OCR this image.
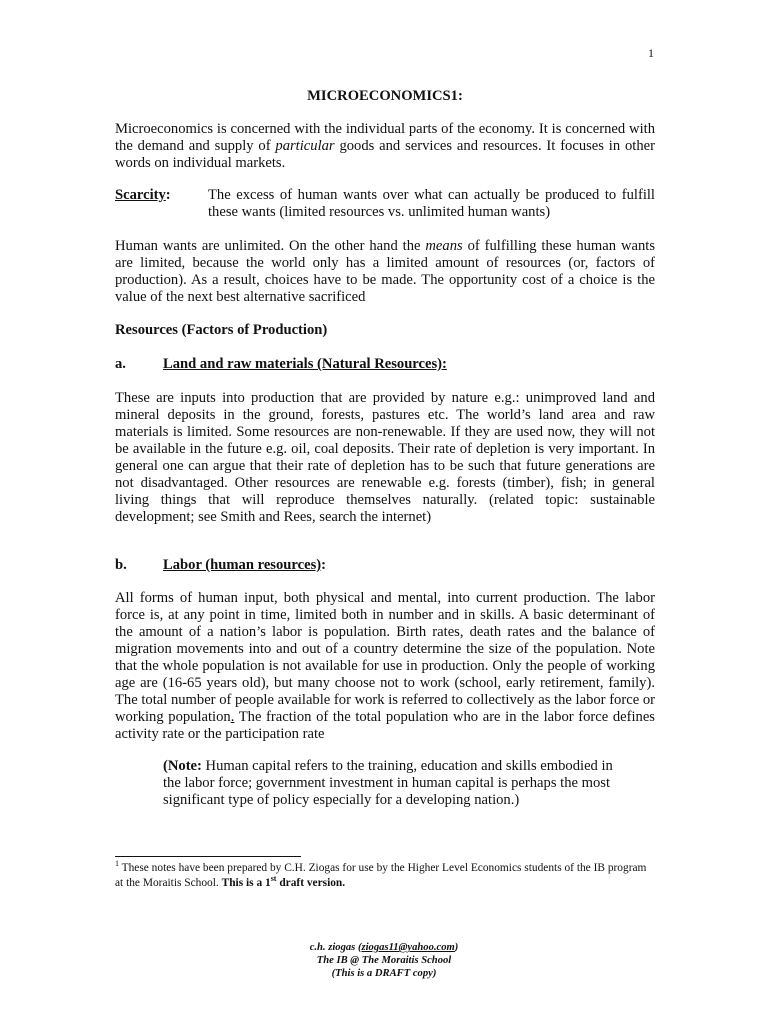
1
MICROECONOMICS1:

Microeconomics is concerned with the individual parts of the economy. It is concerned with the demand and supply of particular goods and services and resources. It focuses in other words on individual markets.

Scarcity:	The excess of human wants over what can actually be produced to fulfill these wants (limited resources vs. unlimited human wants)

Human wants are unlimited. On the other hand the means of fulfilling these human wants are limited, because the world only has a limited amount of resources (or, factors of production). As a result, choices have to be made. The opportunity cost of a choice is the value of the next best alternative sacrificed

Resources (Factors of Production)
a.	Land and raw materials (Natural Resources):

These are inputs into production that are provided by nature e.g.: unimproved land and mineral deposits in the ground, forests, pastures etc. The world’s land area and raw materials is limited. Some resources are non-renewable. If they are used now, they will not be available in the future e.g. oil, coal deposits. Their rate of depletion is very important. In general one can argue that their rate of depletion has to be such that future generations are not disadvantaged. Other resources are renewable e.g. forests (timber), fish; in general living things that will reproduce themselves naturally. (related topic: sustainable development; see Smith and Rees, search the internet)

b. Labor (human resources):

All forms of human input, both physical and mental, into current production. The labor force is, at any point in time, limited both in number and in skills. A basic determinant of the amount of a nation’s labor is population. Birth rates, death rates and the balance of migration movements into and out of a country determine the size of the population. Note that the whole population is not available for use in production. Only the people of working age are (16-65 years old), but many choose not to work (school, early retirement, family). The total number of people available for work is referred to collectively as the labor force or working population. The fraction of the total population who are in the labor force defines activity rate or the participation rate

(Note: Human capital refers to the training, education and skills embodied in the labor force; government investment in human capital is perhaps the most significant type of policy especially for a developing nation.)

$^1$ These notes have been prepared by C.H. Ziogas for use by the Higher Level Economics students of the IB program at the Moraitis School. This is a 1st draft version.

c.h. ziogas (ziogas11@yahoo.com)
The IB @ The Moraitis School
(This is a DRAFT copy)
